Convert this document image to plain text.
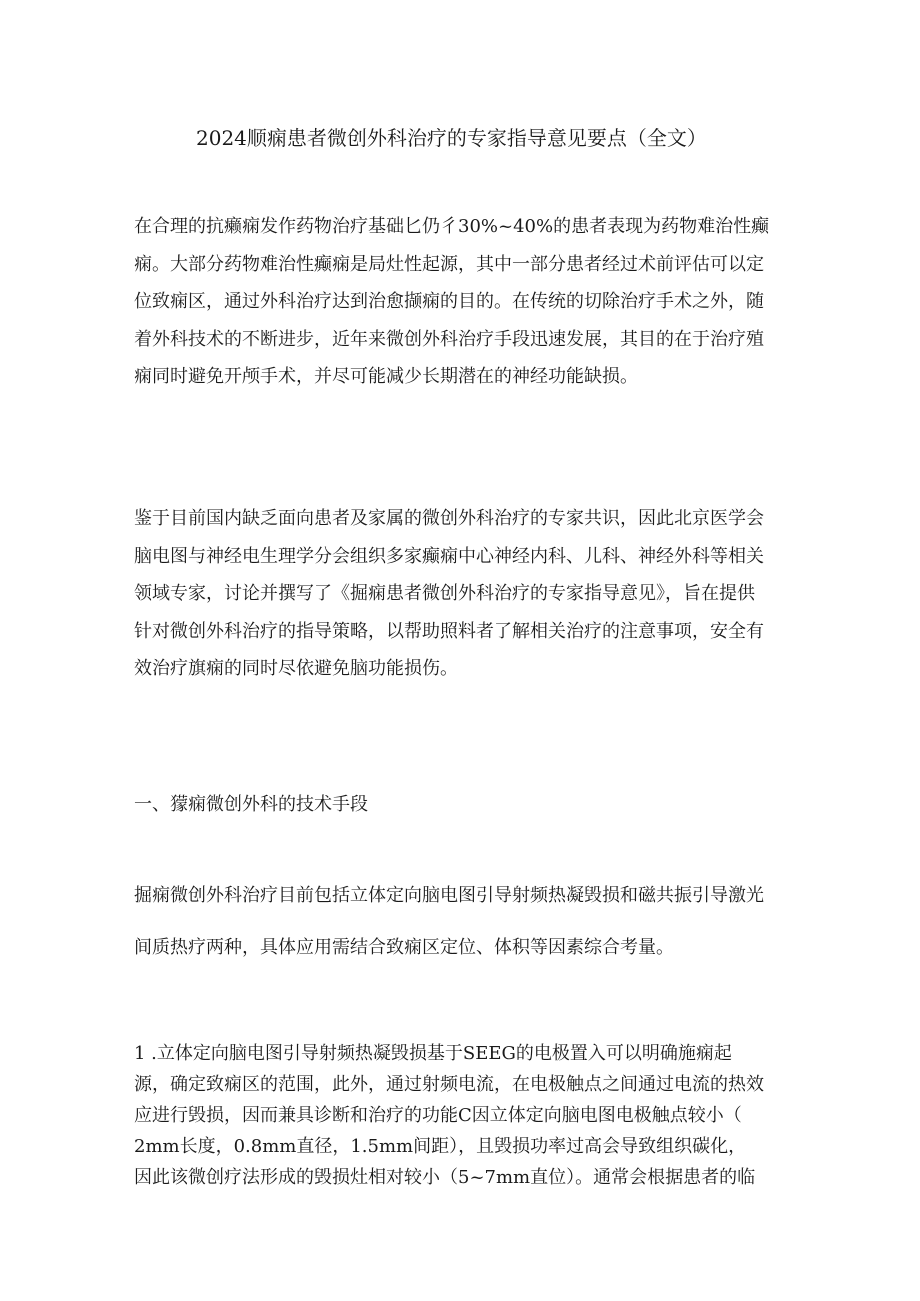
2024顺痫患者微创外科治疗的专家指导意见要点（全文）
在合理的抗癞痫发作药物治疗基础匕仍彳30%~40%的患者表现为药物难治性癫
痫。大部分药物难治性癫痫是局灶性起源，其中一部分患者经过术前评估可以定
位致痫区，通过外科治疗达到治愈撷痫的目的。在传统的切除治疗手术之外，随
着外科技术的不断进步，近年来微创外科治疗手段迅速发展，其目的在于治疗殖
痫同时避免开颅手术，并尽可能减少长期潜在的神经功能缺损。
鉴于目前国内缺乏面向患者及家属的微创外科治疗的专家共识，因此北京医学会
脑电图与神经电生理学分会组织多家癫痫中心神经内科、儿科、神经外科等相关
领域专家，讨论并撰写了《掘痫患者微创外科治疗的专家指导意见》，旨在提供
针对微创外科治疗的指导策略，以帮助照料者了解相关治疗的注意事项，安全有
效治疗旗痫的同时尽依避免脑功能损伤。
一、獴痫微创外科的技术手段
掘痫微创外科治疗目前包括立体定向脑电图引导射频热凝毁损和磁共振引导激光
间质热疗两种，具体应用需结合致痫区定位、体积等因素综合考量。
1 .立体定向脑电图引导射频热凝毁损基于SEEG的电极置入可以明确施痫起
源，确定致痫区的范围，此外，通过射频电流，在电极触点之间通过电流的热效
应进行毁损，因而兼具诊断和治疗的功能C因立体定向脑电图电极触点较小（
2mm长度，0.8mm直径，1.5mm间距），且毁损功率过高会导致组织碳化，
因此该微创疗法形成的毁损灶相对较小（5~7mm直位）。通常会根据患者的临
